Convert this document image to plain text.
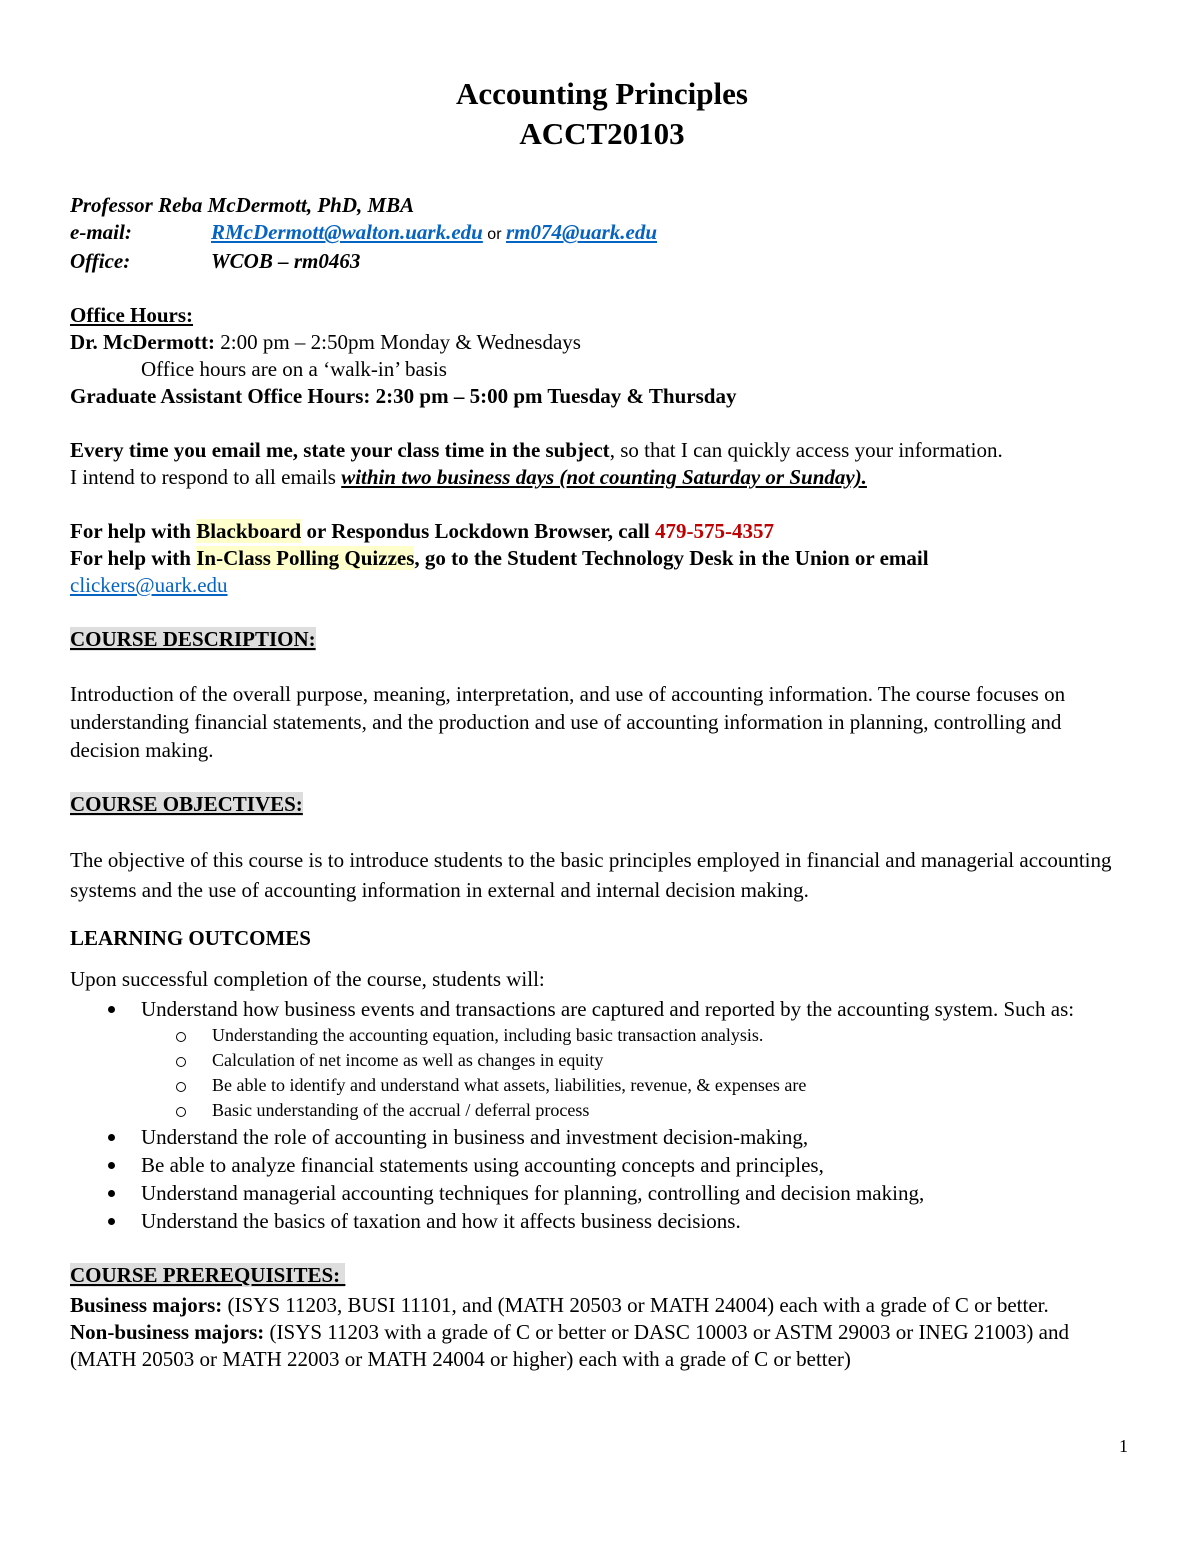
Accounting Principles
ACCT20103
Professor Reba McDermott, PhD, MBA
e-mail:	RMcDermott@walton.uark.edu or rm074@uark.edu
Office:	WCOB – rm0463
Office Hours:
Dr. McDermott: 2:00 pm – 2:50pm Monday & Wednesdays
Office hours are on a ‘walk-in’ basis
Graduate Assistant Office Hours: 2:30 pm – 5:00 pm Tuesday & Thursday
Every time you email me, state your class time in the subject, so that I can quickly access your information.
I intend to respond to all emails within two business days (not counting Saturday or Sunday).
For help with Blackboard or Respondus Lockdown Browser, call 479-575-4357
For help with In-Class Polling Quizzes, go to the Student Technology Desk in the Union or email
clickers@uark.edu
COURSE DESCRIPTION:
Introduction of the overall purpose, meaning, interpretation, and use of accounting information. The course focuses on understanding financial statements, and the production and use of accounting information in planning, controlling and decision making.
COURSE OBJECTIVES:
The objective of this course is to introduce students to the basic principles employed in financial and managerial accounting systems and the use of accounting information in external and internal decision making.
LEARNING OUTCOMES
Upon successful completion of the course, students will:
Understand how business events and transactions are captured and reported by the accounting system. Such as:
Understanding the accounting equation, including basic transaction analysis.
Calculation of net income as well as changes in equity
Be able to identify and understand what assets, liabilities, revenue, & expenses are
Basic understanding of the accrual / deferral process
Understand the role of accounting in business and investment decision-making,
Be able to analyze financial statements using accounting concepts and principles,
Understand managerial accounting techniques for planning, controlling and decision making,
Understand the basics of taxation and how it affects business decisions.
COURSE PREREQUISITES:
Business majors: (ISYS 11203, BUSI 11101, and (MATH 20503 or MATH 24004) each with a grade of C or better.
Non-business majors: (ISYS 11203 with a grade of C or better or DASC 10003 or ASTM 29003 or INEG 21003) and (MATH 20503 or MATH 22003 or MATH 24004 or higher) each with a grade of C or better)
1
